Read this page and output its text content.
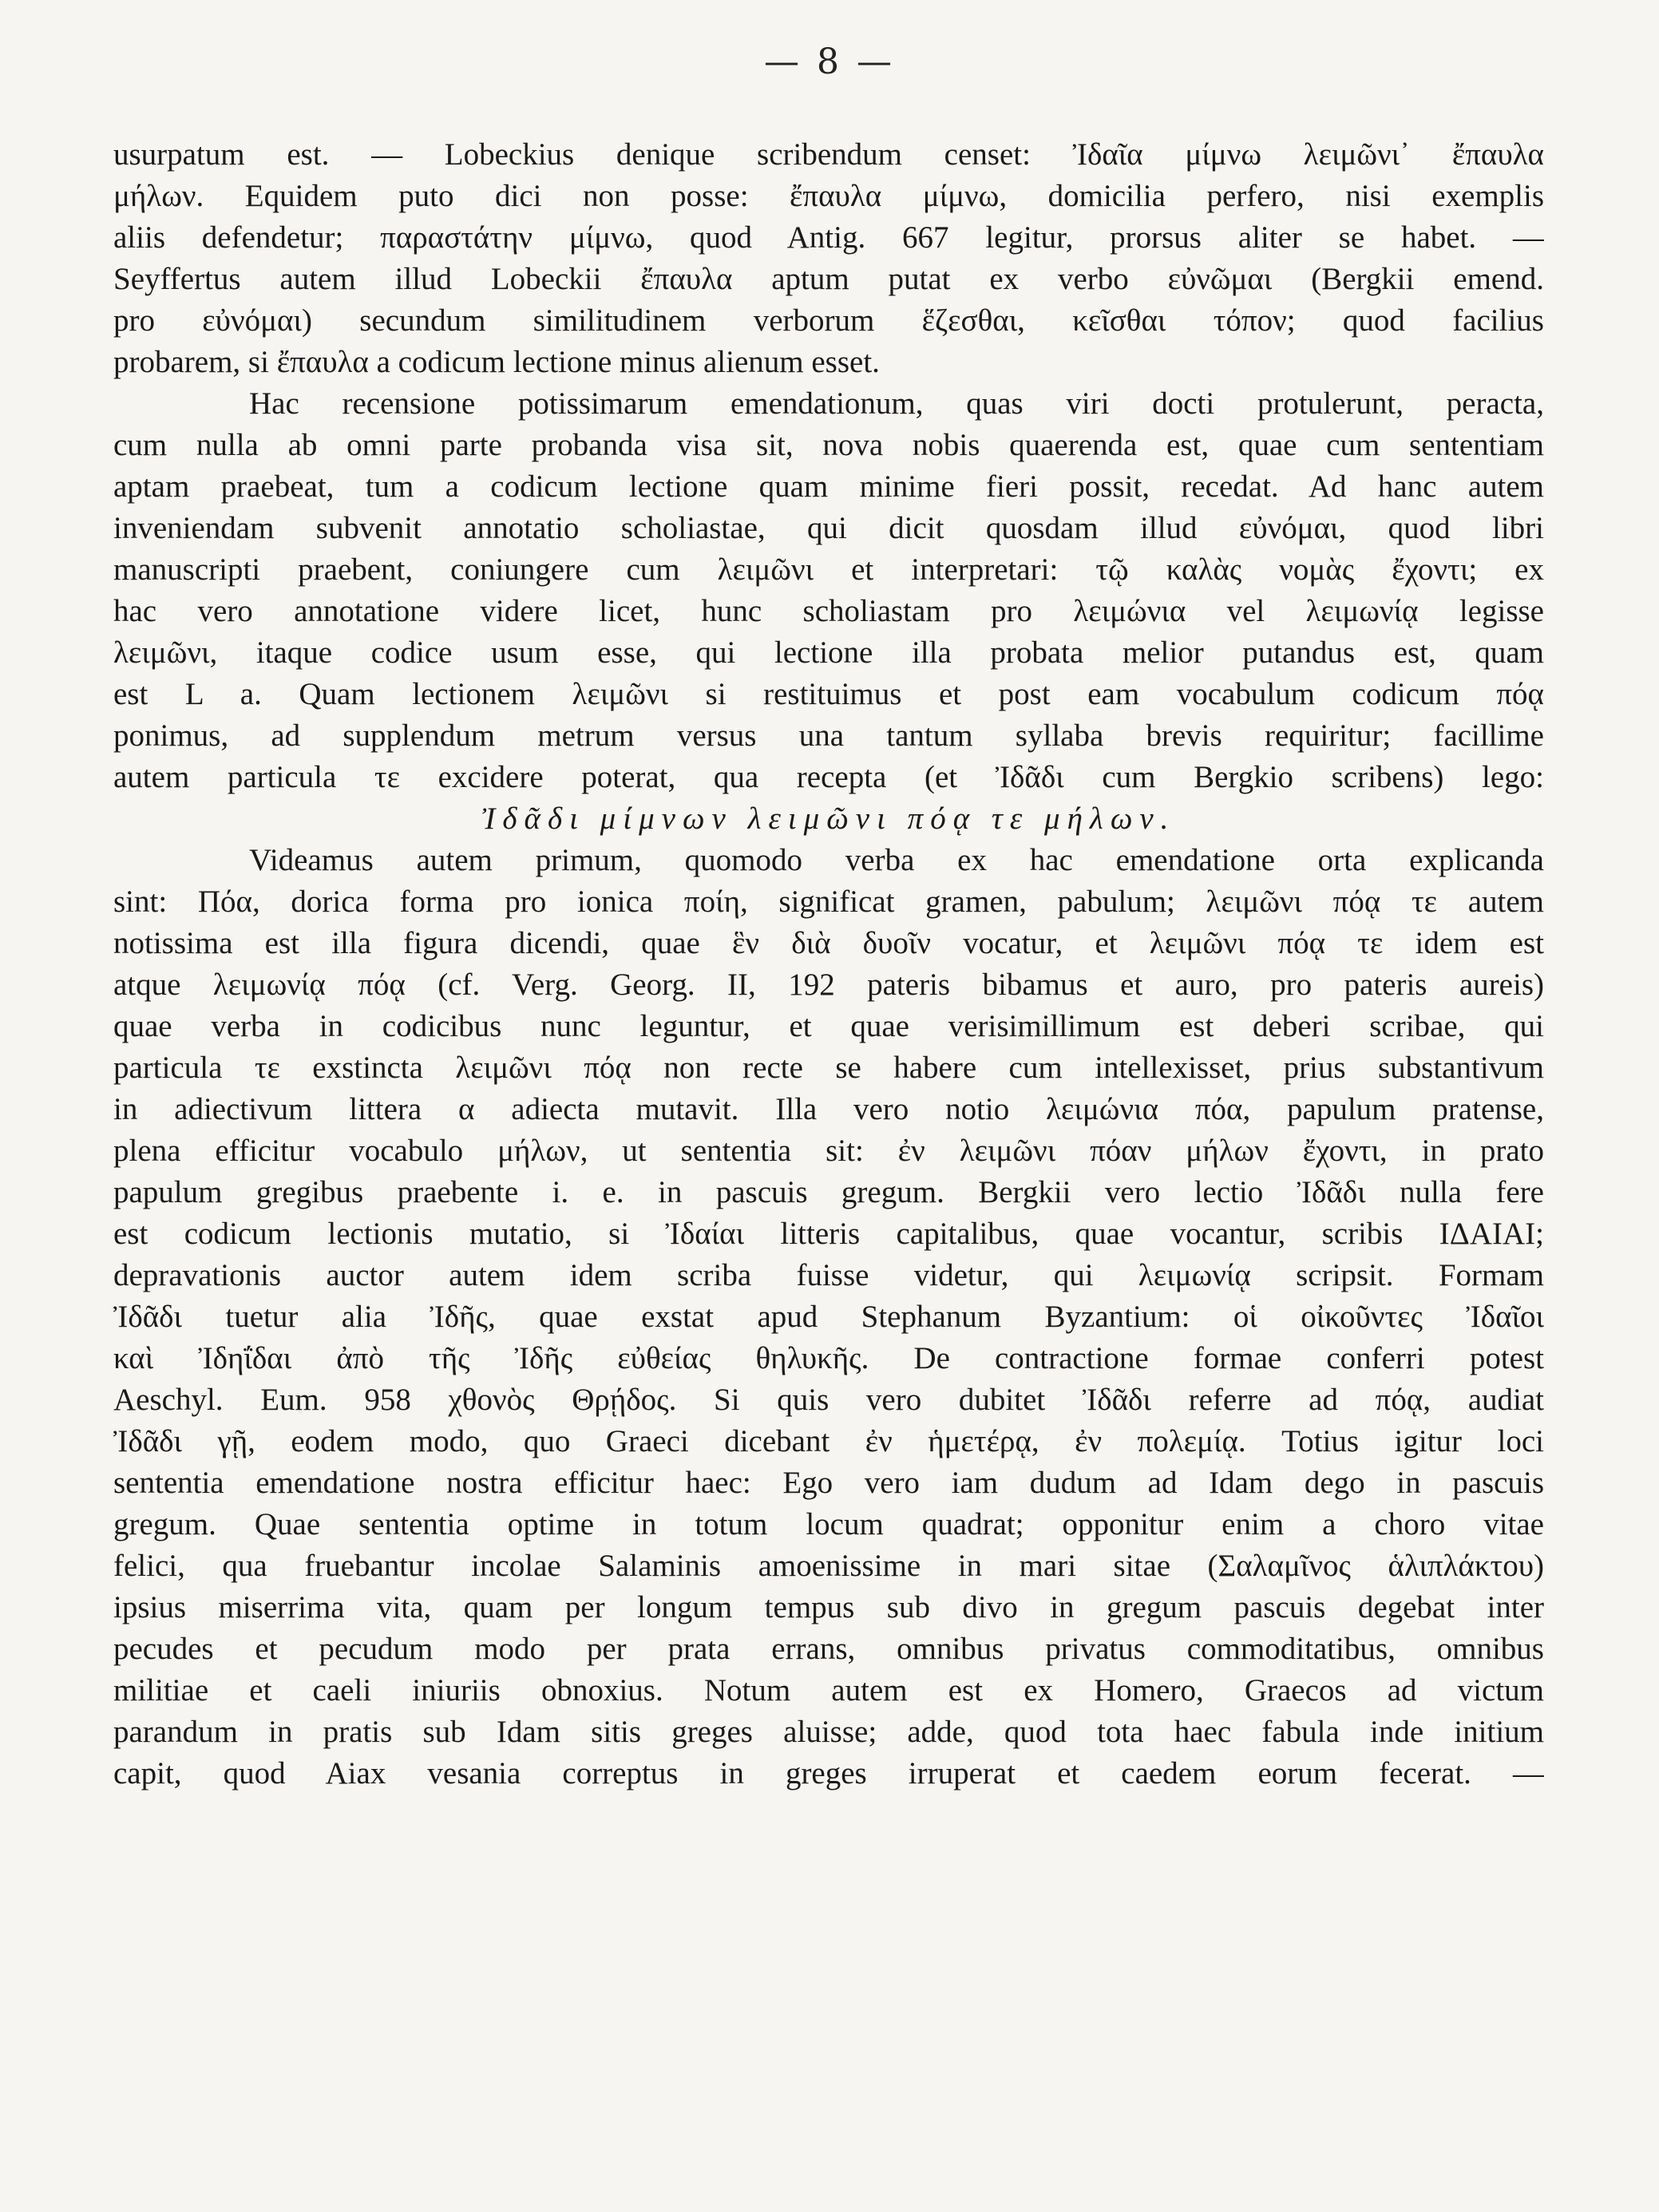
— 8 —
usurpatum est. — Lobeckius denique scribendum censet: Ἰδαῖα μίμνω λειμῶνι᾽ ἔπαυλα
μήλων. Equidem puto dici non posse: ἔπαυλα μίμνω, domicilia perfero, nisi exemplis
aliis defendetur; παραστάτην μίμνω, quod Antig. 667 legitur, prorsus aliter se habet. —
Seyffertus autem illud Lobeckii ἔπαυλα aptum putat ex verbo εὐνῶμαι (Bergkii emend.
pro εὐνόμαι) secundum similitudinem verborum ἕζεσθαι, κεῖσθαι τόπον; quod facilius
probarem, si ἔπαυλα a codicum lectione minus alienum esset.
Hac recensione potissimarum emendationum, quas viri docti protulerunt, peracta,
cum nulla ab omni parte probanda visa sit, nova nobis quaerenda est, quae cum sententiam
aptam praebeat, tum a codicum lectione quam minime fieri possit, recedat. Ad hanc autem
inveniendam subvenit annotatio scholiastae, qui dicit quosdam illud εὐνόμαι, quod libri
manuscripti praebent, coniungere cum λειμῶνι et interpretari: τῷ καλὰς νομὰς ἔχοντι; ex
hac vero annotatione videre licet, hunc scholiastam pro λειμώνια vel λειμωνίᾳ legisse
λειμῶνι, itaque codice usum esse, qui lectione illa probata melior putandus est, quam
est L a. Quam lectionem λειμῶνι si restituimus et post eam vocabulum codicum πόᾳ
ponimus, ad supplendum metrum versus una tantum syllaba brevis requiritur; facillime
autem particula τε excidere poterat, qua recepta (et Ἰδᾶδι cum Bergkio scribens) lego:
Ἰδᾶδι μίμνων λειμῶνι πόᾳ τε μήλων.
Videamus autem primum, quomodo verba ex hac emendatione orta explicanda
sint: Πόα, dorica forma pro ionica ποίη, significat gramen, pabulum; λειμῶνι πόᾳ τε autem
notissima est illa figura dicendi, quae ἓν διὰ δυοῖν vocatur, et λειμῶνι πόᾳ τε idem est
atque λειμωνίᾳ πόᾳ (cf. Verg. Georg. II, 192 pateris bibamus et auro, pro pateris aureis)
quae verba in codicibus nunc leguntur, et quae verisimillimum est deberi scribae, qui
particula τε exstincta λειμῶνι πόᾳ non recte se habere cum intellexisset, prius substantivum
in adiectivum littera α adiecta mutavit. Illa vero notio λειμώνια πόα, papulum pratense,
plena efficitur vocabulo μήλων, ut sententia sit: ἐν λειμῶνι πόαν μήλων ἔχοντι, in prato
papulum gregibus praebente i. e. in pascuis gregum. Bergkii vero lectio Ἰδᾶδι nulla fere
est codicum lectionis mutatio, si Ἰδαίαι litteris capitalibus, quae vocantur, scribis ΙΔΑΙΑΙ;
depravationis auctor autem idem scriba fuisse videtur, qui λειμωνίᾳ scripsit. Formam
Ἰδᾶδι tuetur alia Ἰδῆς, quae exstat apud Stephanum Byzantium: οἱ οἰκοῦντες Ἰδαῖοι
καὶ Ἰδηΐδαι ἀπὸ τῆς Ἰδῆς εὐθείας θηλυκῆς. De contractione formae conferri potest
Aeschyl. Eum. 958 χθονὸς Θρῄδος. Si quis vero dubitet Ἰδᾶδι referre ad πόᾳ, audiat
Ἰδᾶδι γῇ, eodem modo, quo Graeci dicebant ἐν ἡμετέρᾳ, ἐν πολεμίᾳ. Totius igitur loci
sententia emendatione nostra efficitur haec: Ego vero iam dudum ad Idam dego in pascuis
gregum. Quae sententia optime in totum locum quadrat; opponitur enim a choro vitae
felici, qua fruebantur incolae Salaminis amoenissime in mari sitae (Σαλαμῖνος ἁλιπλάκτου)
ipsius miserrima vita, quam per longum tempus sub divo in gregum pascuis degebat inter
pecudes et pecudum modo per prata errans, omnibus privatus commoditatibus, omnibus
militiae et caeli iniuriis obnoxius. Notum autem est ex Homero, Graecos ad victum
parandum in pratis sub Idam sitis greges aluisse; adde, quod tota haec fabula inde initium
capit, quod Aiax vesania correptus in greges irruperat et caedem eorum fecerat. —
